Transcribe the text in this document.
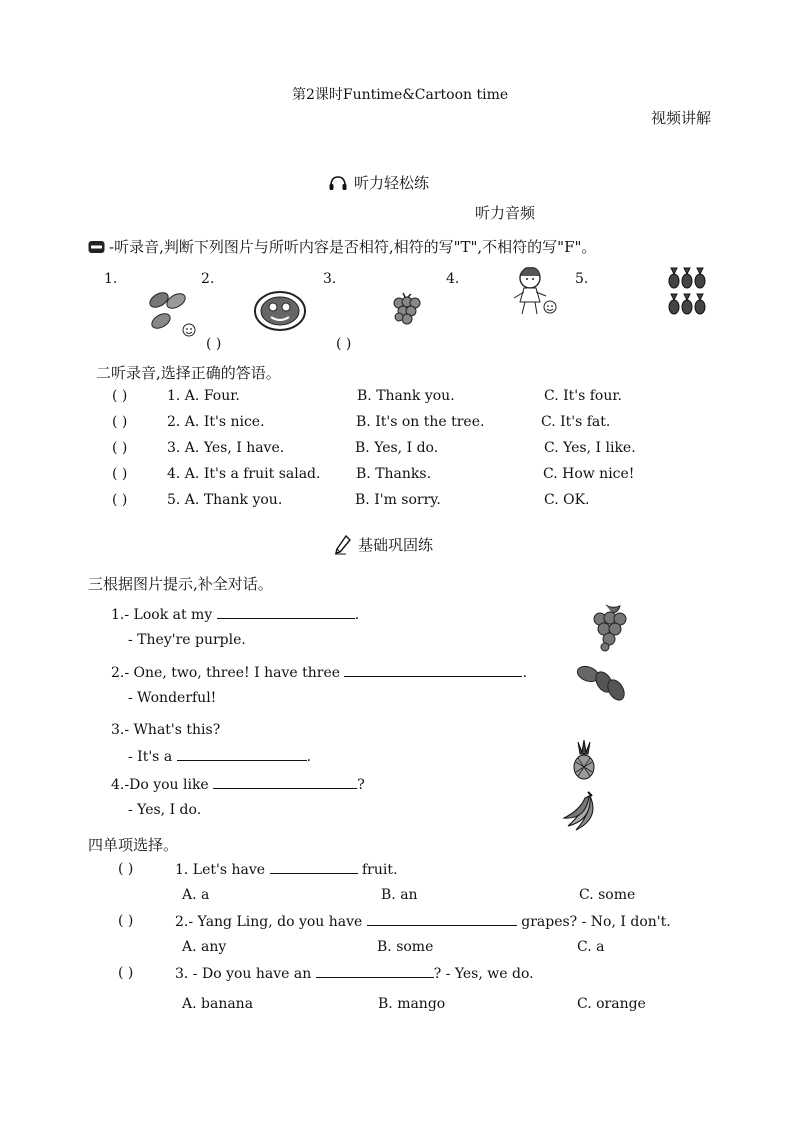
第2课时Funtime&Cartoon time
视频讲解
听力轻松练
听力音频
-听录音,判断下列图片与所听内容是否相符,相符的写"T",不相符的写"F"。
1.	2.	3.	4.	5.
( )	( )
二听录音,选择正确的答语。
( )	1. A. Four.	B. Thank you.	C. It's four.
( )	2. A. It's nice.	B. It's on the tree.	C. It's fat.
( )	3. A. Yes, I have.	B. Yes, I do.	C. Yes, I like.
( )	4. A. It's a fruit salad.	B. Thanks.	C. How nice!
( )	5. A. Thank you.	B. I'm sorry.	C. OK.
基础巩固练
三根据图片提示,补全对话。
1.- Look at my	.
- They're purple.
2.- One, two, three! I have three	.
- Wonderful!
3.- What's this?
- It's a	.
4.-Do you like	?
- Yes, I do.
四单项选择。
( )	1. Let's have	fruit.
A. a	B. an	C. some
( )	2.- Yang Ling, do you have	grapes? - No, I don't.
A. any	B. some	C. a
( )	3. - Do you have an	? - Yes, we do.
A. banana	B. mango	C. orange
